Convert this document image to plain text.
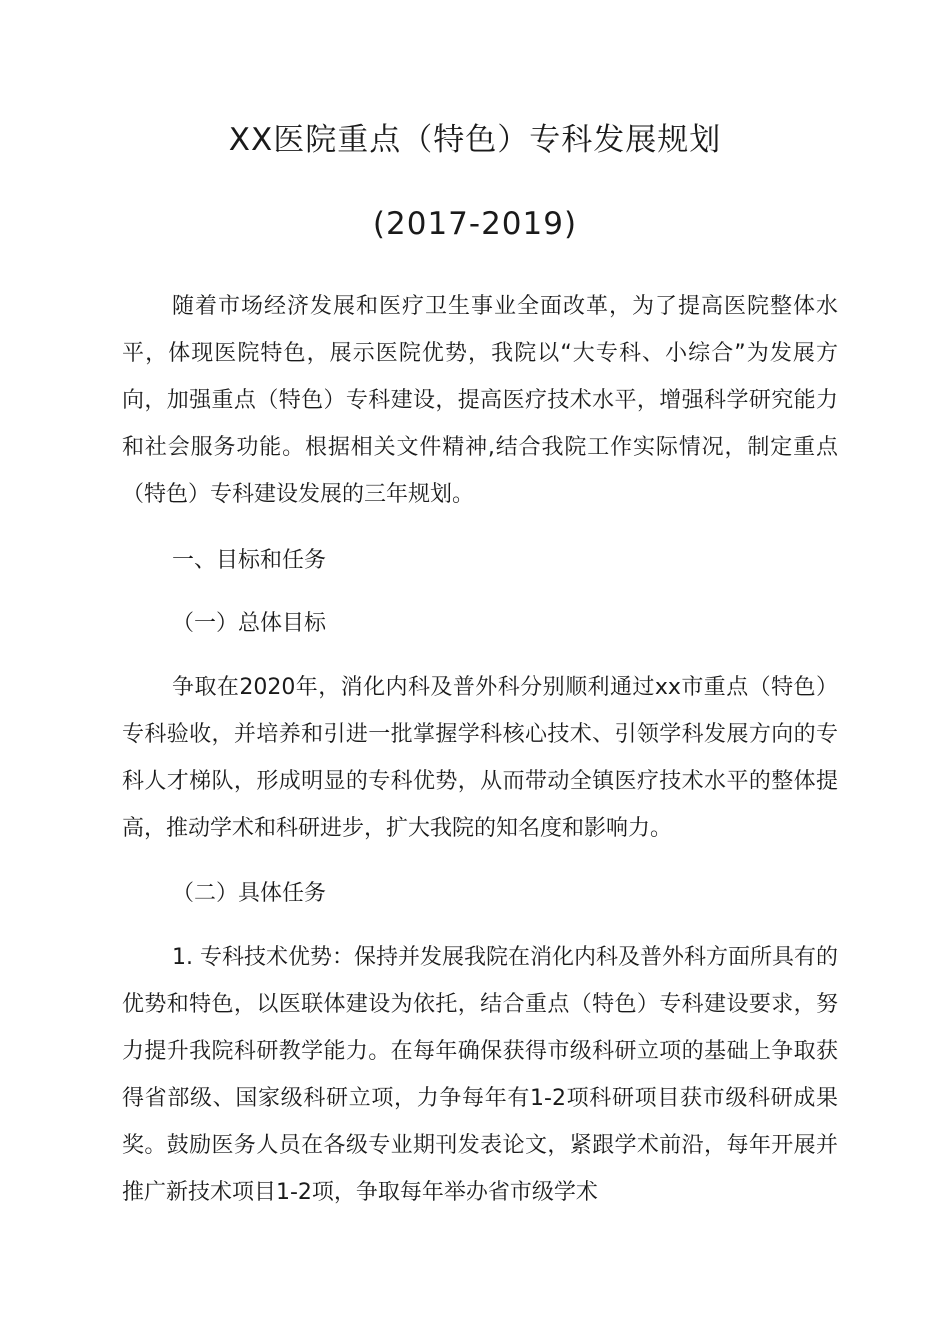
XX医院重点（特色）专科发展规划
(2017-2019)

随着市场经济发展和医疗卫生事业全面改革，为了提高医院整体水平，体现医院特色，展示医院优势，我院以“大专科、小综合”为发展方向，加强重点（特色）专科建设，提高医疗技术水平，增强科学研究能力和社会服务功能。根据相关文件精神,结合我院工作实际情况，制定重点（特色）专科建设发展的三年规划。

一、目标和任务
（一）总体目标

争取在2020年，消化内科及普外科分别顺利通过xx市重点（特色）专科验收，并培养和引进一批掌握学科核心技术、引领学科发展方向的专科人才梯队，形成明显的专科优势，从而带动全镇医疗技术水平的整体提高，推动学术和科研进步，扩大我院的知名度和影响力。

（二）具体任务

1. 专科技术优势：保持并发展我院在消化内科及普外科方面所具有的优势和特色，以医联体建设为依托，结合重点（特色）专科建设要求，努力提升我院科研教学能力。在每年确保获得市级科研立项的基础上争取获得省部级、国家级科研立项，力争每年有1-2项科研项目获市级科研成果奖。鼓励医务人员在各级专业期刊发表论文，紧跟学术前沿，每年开展并推广新技术项目1-2项，争取每年举办省市级学术
